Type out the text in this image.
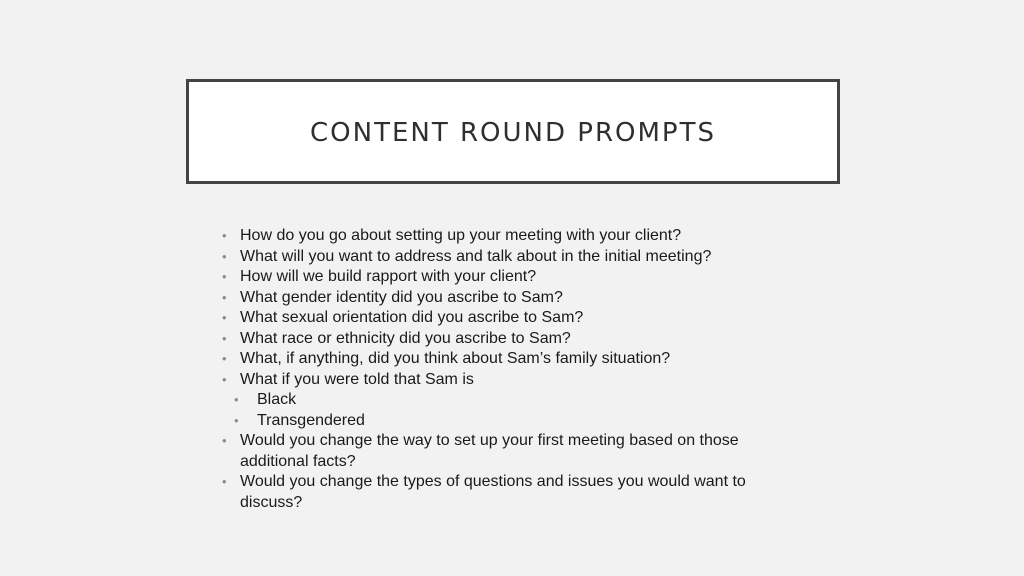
CONTENT ROUND PROMPTS
• How do you go about setting up your meeting with your client?
• What will you want to address and talk about in the initial meeting?
• How will we build rapport with your client?
• What gender identity did you ascribe to Sam?
• What sexual orientation did you ascribe to Sam?
• What race or ethnicity did you ascribe to Sam?
• What, if anything, did you think about Sam’s family situation?
• What if you were told that Sam is
• Black
• Transgendered
• Would you change the way to set up your first meeting based on those additional facts?
• Would you change the types of questions and issues you would want to discuss?
